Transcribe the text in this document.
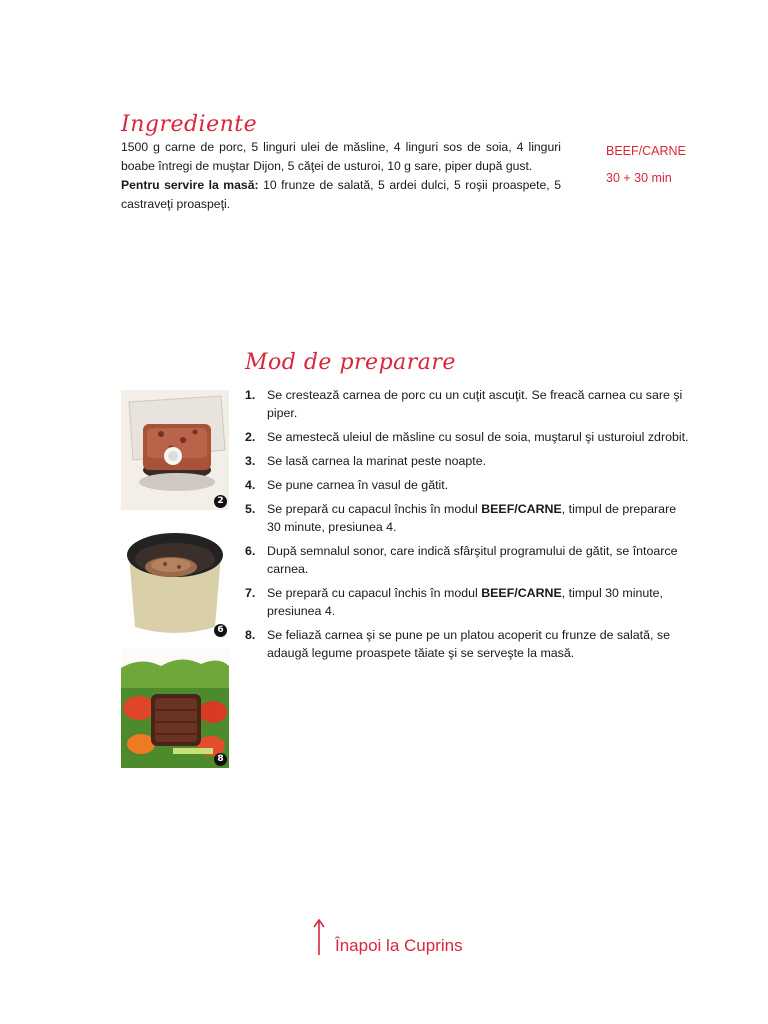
Ingrediente
1500 g carne de porc, 5 linguri ulei de măsline, 4 linguri sos de soia, 4 linguri boabe întregi de muştar Dijon, 5 căţei de usturoi, 10 g sare, piper după gust.
Pentru servire la masă: 10 frunze de salată, 5 ardei dulci, 5 roşii proaspete, 5 castraveţi proaspeţi.
BEEF/CARNE
30 + 30 min
Mod de preparare
1. Se cresteazӑ carnea de porc cu un cuţit ascuţit. Se freacӑ carnea cu sare şi piper.
2. Se amestecӑ uleiul de mӑsline cu sosul de soia, muştarul şi usturoiul zdrobit.
3. Se lasӑ carnea la marinat peste noapte.
4. Se pune carnea în vasul de gӑtit.
5. Se preparӑ cu capacul închis în modul BEEF/CARNE, timpul de preparare 30 minute, presiunea 4.
6. Dupӑ semnalul sonor, care indicӑ sfârşitul programului de gӑtit, se întoarce carnea.
7. Se preparӑ cu capacul închis în modul BEEF/CARNE, timpul 30 minute, presiunea 4.
8. Se feliazӑ carnea şi se pune pe un platou acoperit cu frunze de salatӑ, se adaugӑ legume proaspete tӑiate şi se serveşte la masӑ.
2
6
8
Înapoi la Cuprins
